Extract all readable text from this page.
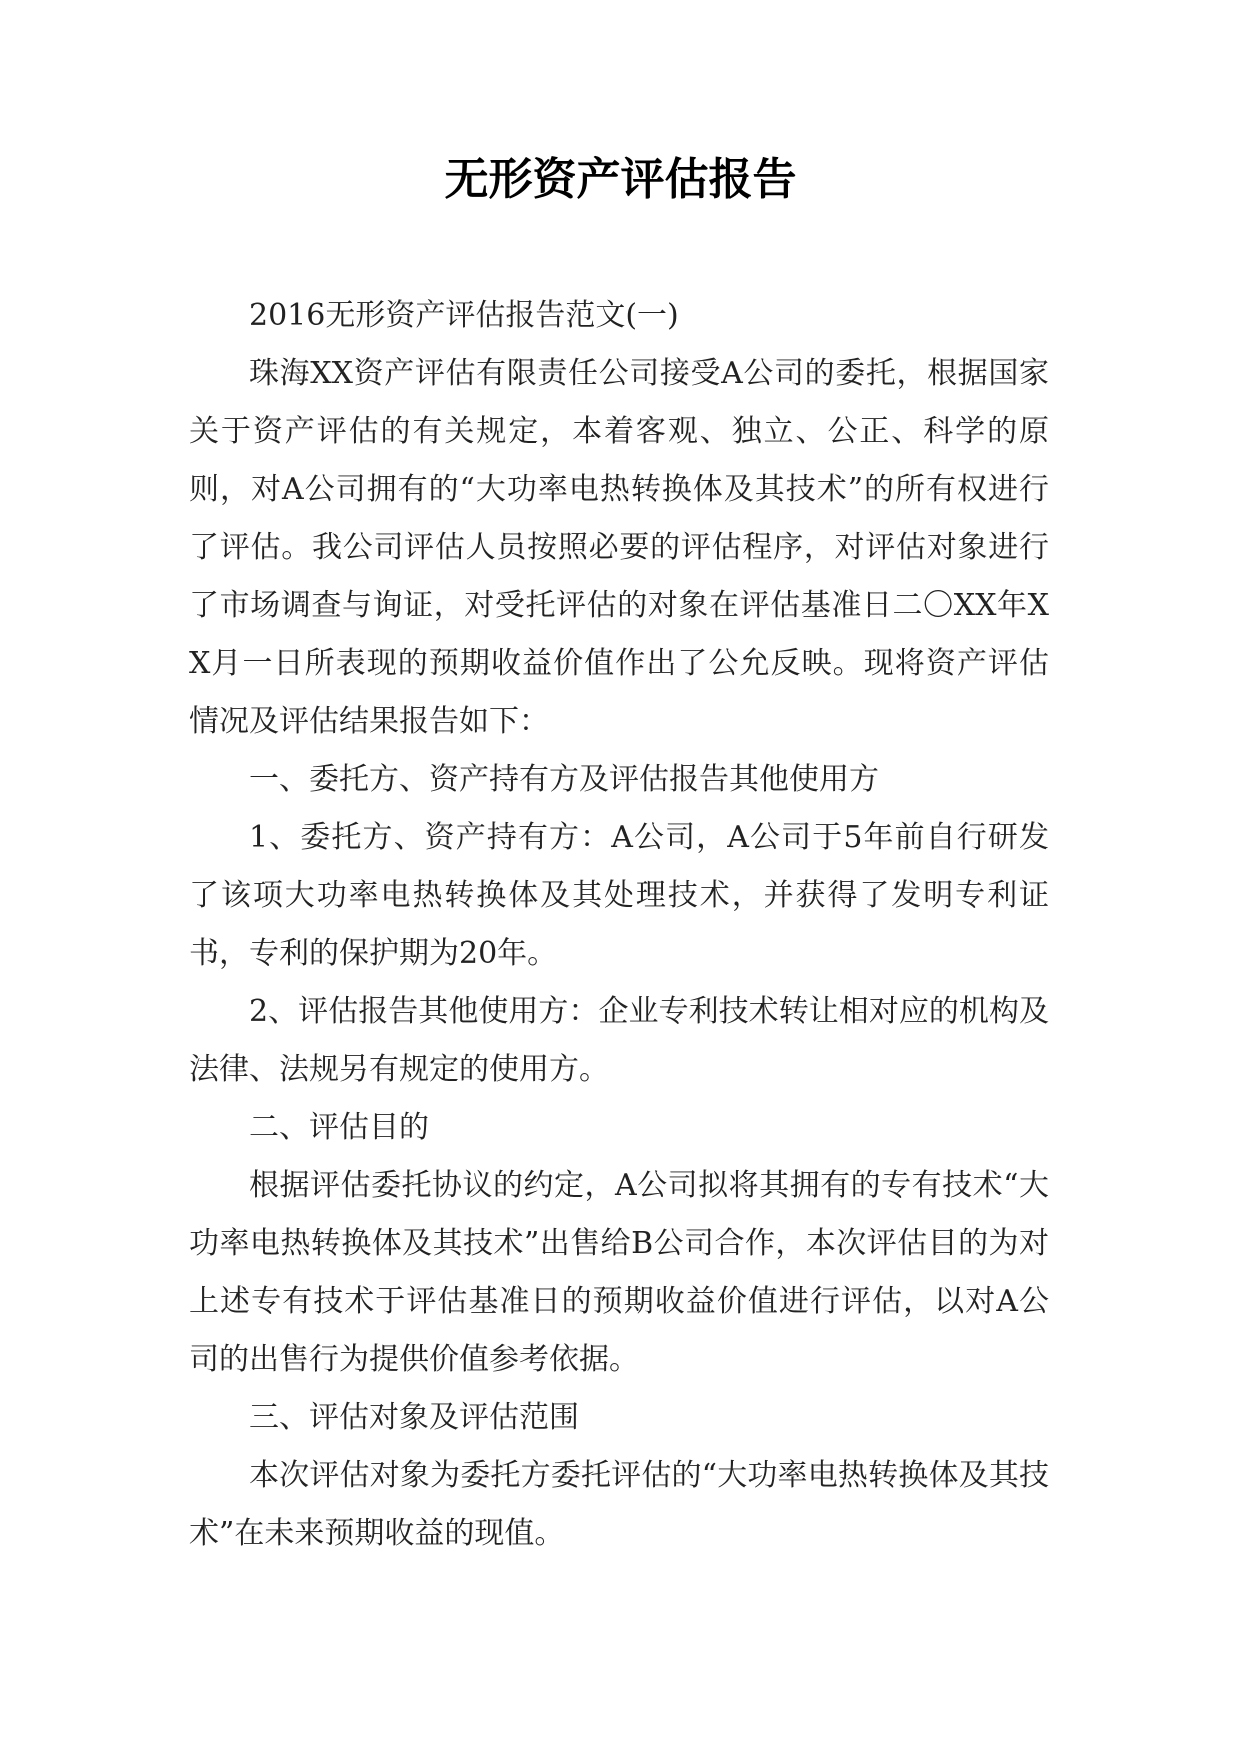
无形资产评估报告

2016无形资产评估报告范文(一)

珠海XX资产评估有限责任公司接受A公司的委托，根据国家关于资产评估的有关规定，本着客观、独立、公正、科学的原则，对A公司拥有的“大功率电热转换体及其技术”的所有权进行了评估。我公司评估人员按照必要的评估程序，对评估对象进行了市场调查与询证，对受托评估的对象在评估基准日二〇XX年XX月一日所表现的预期收益价值作出了公允反映。现将资产评估情况及评估结果报告如下：

一、委托方、资产持有方及评估报告其他使用方

1、委托方、资产持有方：A公司，A公司于5年前自行研发了该项大功率电热转换体及其处理技术，并获得了发明专利证书，专利的保护期为20年。

2、评估报告其他使用方：企业专利技术转让相对应的机构及法律、法规另有规定的使用方。

二、评估目的

根据评估委托协议的约定，A公司拟将其拥有的专有技术“大功率电热转换体及其技术”出售给B公司合作，本次评估目的为对上述专有技术于评估基准日的预期收益价值进行评估，以对A公司的出售行为提供价值参考依据。

三、评估对象及评估范围

本次评估对象为委托方委托评估的“大功率电热转换体及其技术”在未来预期收益的现值。
